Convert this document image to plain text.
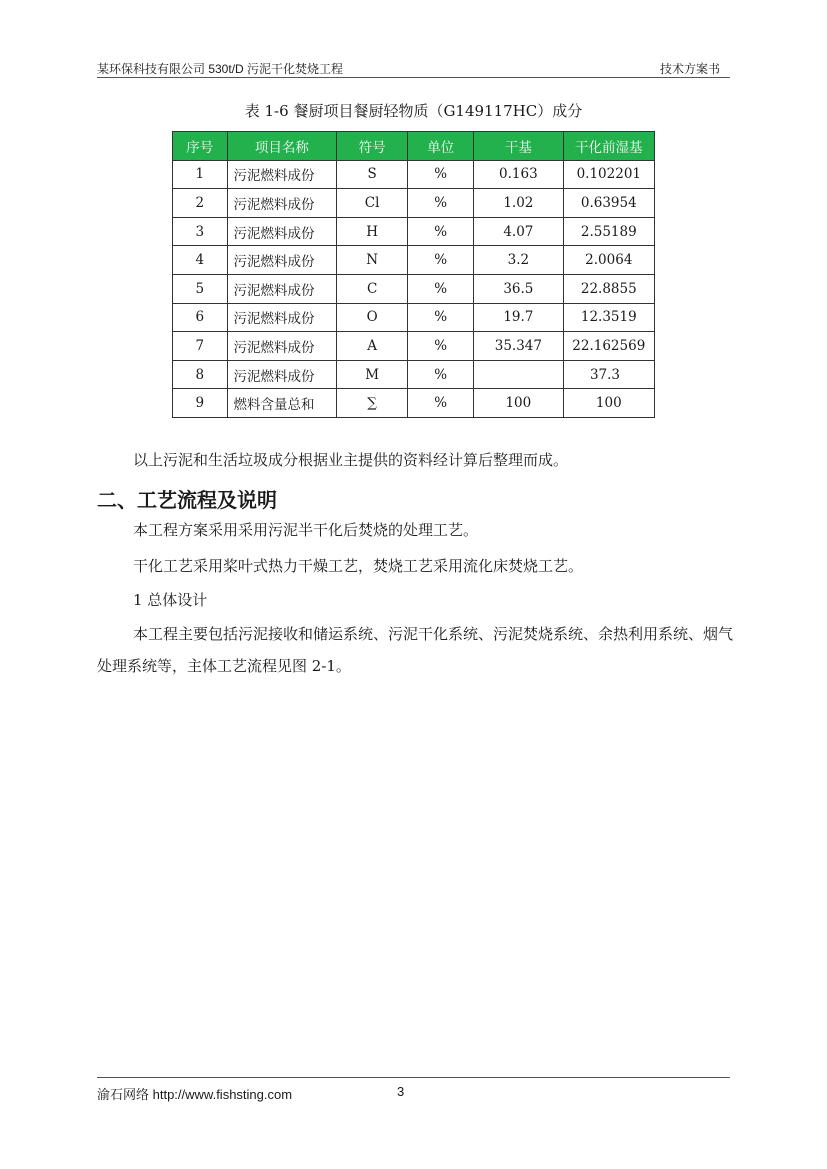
某环保科技有限公司 530t/D 污泥干化焚烧工程	技术方案书
表 1-6 餐厨项目餐厨轻物质（G149117HC）成分
序号	项目名称	符号	单位	干基	干化前湿基
1	污泥燃料成份	S	%	0.163	0.102201
2	污泥燃料成份	Cl	%	1.02	0.63954
3	污泥燃料成份	H	%	4.07	2.55189
4	污泥燃料成份	N	%	3.2	2.0064
5	污泥燃料成份	C	%	36.5	22.8855
6	污泥燃料成份	O	%	19.7	12.3519
7	污泥燃料成份	A	%	35.347	22.162569
8	污泥燃料成份	M	%		37.3
9	燃料含量总和	∑	%	100	100
以上污泥和生活垃圾成分根据业主提供的资料经计算后整理而成。
二、工艺流程及说明
本工程方案采用采用污泥半干化后焚烧的处理工艺。
干化工艺采用桨叶式热力干燥工艺，焚烧工艺采用流化床焚烧工艺。
1 总体设计
本工程主要包括污泥接收和储运系统、污泥干化系统、污泥焚烧系统、余热利用系统、烟气处理系统等，主体工艺流程见图 2-1。
渝石网络 http://www.fishsting.com	3
